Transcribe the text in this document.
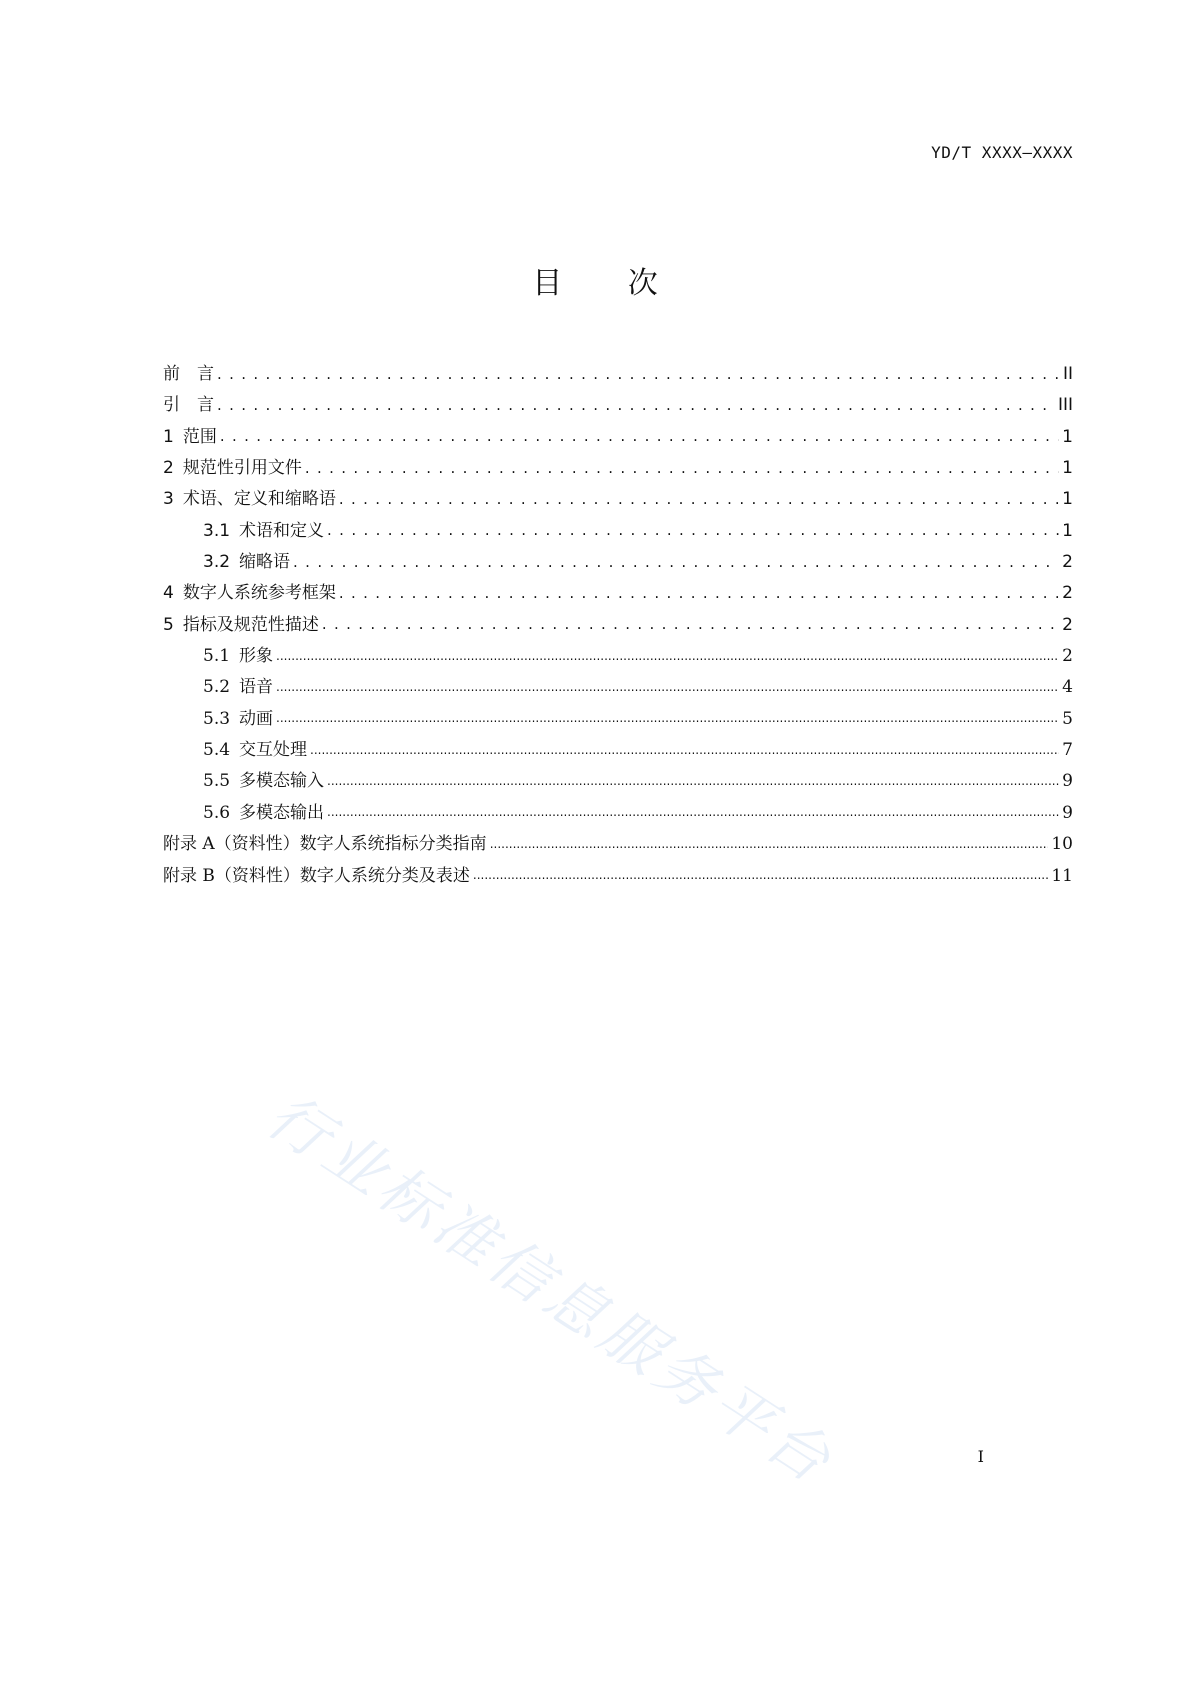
YD/T XXXX—XXXX
目 次
前　言 . . .	II
引　言 . . .	III
1 范围 . . .	1
2 规范性引用文件 . . .	1
3 术语、定义和缩略语 . . .	1
3.1 术语和定义 . . .	1
3.2 缩略语 . . .	2
4 数字人系统参考框架 . . .	2
5 指标及规范性描述 . . .	2
5.1 形象 .....	2
5.2 语音 .....	4
5.3 动画 .....	5
5.4 交互处理 .....	7
5.5 多模态输入 .....	9
5.6 多模态输出 .....	9
附录 A（资料性）数字人系统指标分类指南 .....	10
附录 B（资料性）数字人系统分类及表述 .....	11
行业标准信息服务平台	I
